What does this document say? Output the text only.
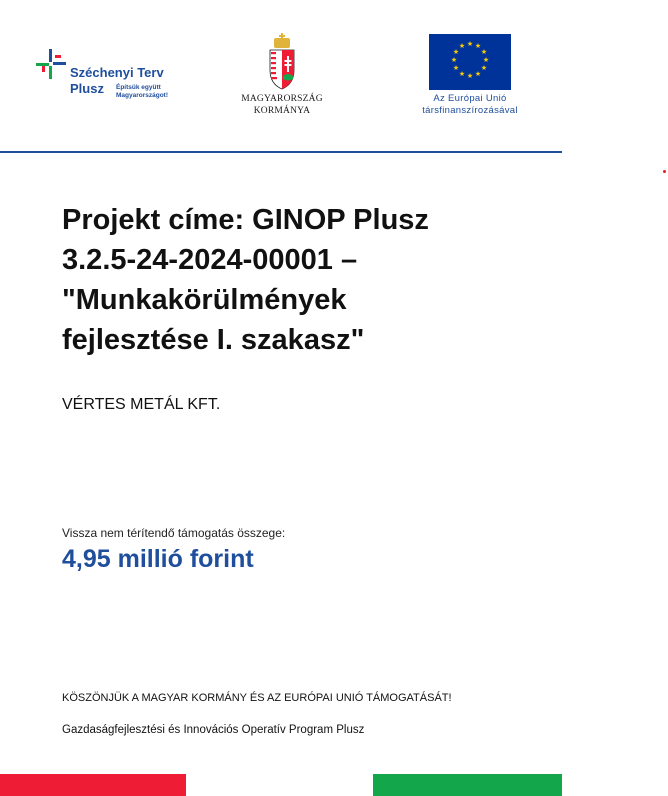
Széchenyi Terv
Plusz Építsük együtt
Magyarországot!	MAGYARORSZÁG
KORMÁNYA
★ ★
★
★
★
★
★
★
★
★
★
★
Az Európai Unió
társfinanszírozásával
Projekt címe: GINOP Plusz 3.2.5-24-2024-00001 – "Munkakörülmények fejlesztése I. szakasz"
VÉRTES METÁL KFT.
Vissza nem térítendő támogatás összege:
4,95 millió forint
KÖSZÖNJÜK A MAGYAR KORMÁNY ÉS AZ EURÓPAI UNIÓ TÁMOGATÁSÁT!
Gazdaságfejlesztési és Innovációs Operatív Program Plusz
